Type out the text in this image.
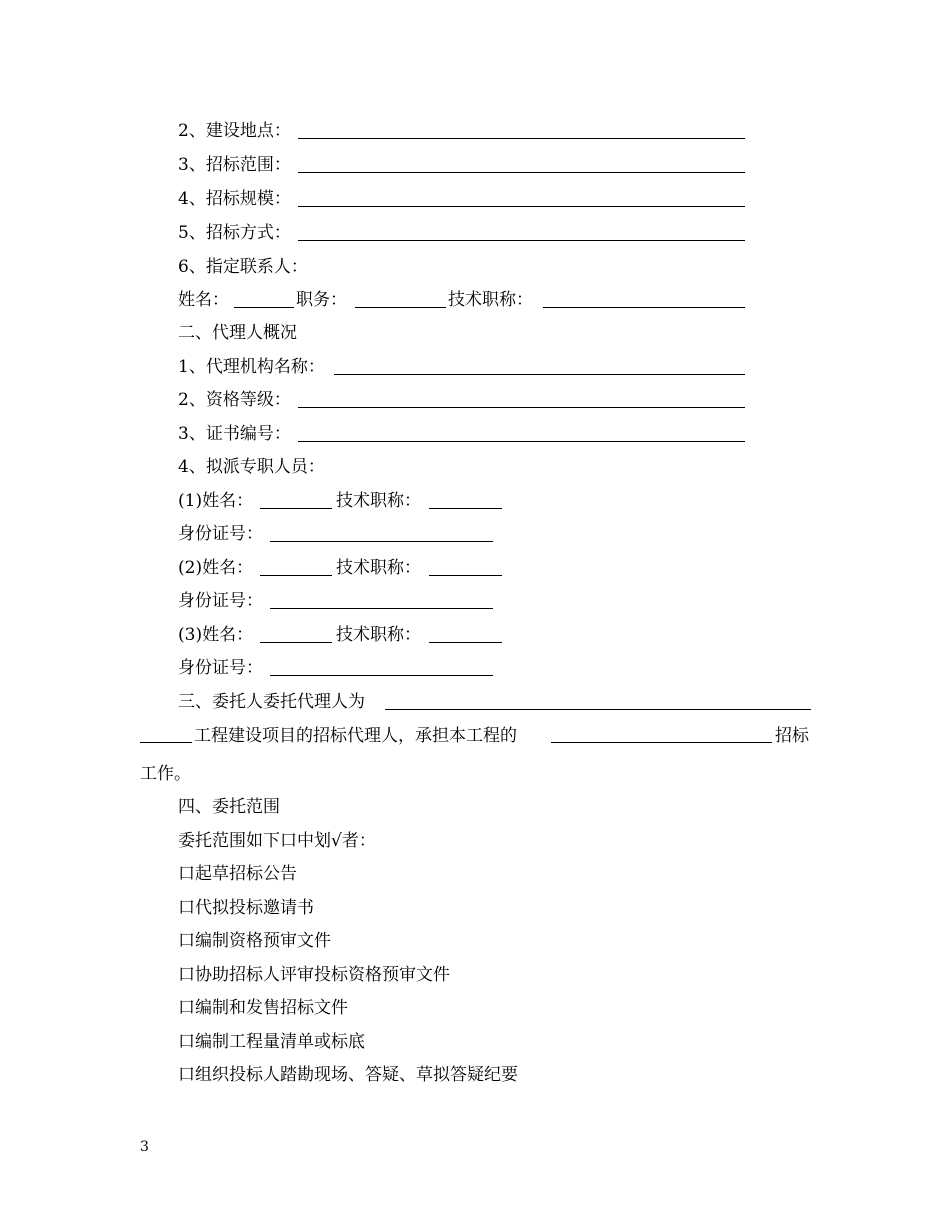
2、建设地点：
3、招标范围：
4、招标规模：
5、招标方式：
6、指定联系人：
姓名：	职务：	技术职称：
二、代理人概况
1、代理机构名称：
2、资格等级：
3、证书编号：
4、拟派专职人员：
(1)姓名：	技术职称：
身份证号：
(2)姓名：	技术职称：
身份证号：
(3)姓名：	技术职称：
身份证号：
三、委托人委托代理人为
工程建设项目的招标代理人，承担本工程的	招标
工作。
四、委托范围
委托范围如下口中划√者：
口起草招标公告
口代拟投标邀请书
口编制资格预审文件
口协助招标人评审投标资格预审文件
口编制和发售招标文件
口编制工程量清单或标底
口组织投标人踏勘现场、答疑、草拟答疑纪要
3
